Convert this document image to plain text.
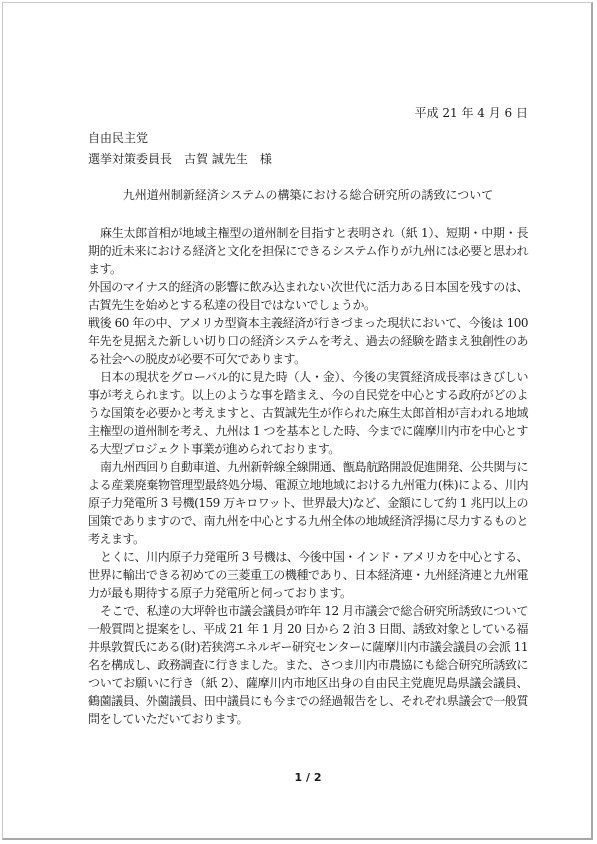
平成 21 年 4 月 6 日
自由民主党
選挙対策委員長　古賀 誠先生　様
九州道州制新経済システムの構築における総合研究所の誘致について

麻生太郎首相が地域主権型の道州制を目指すと表明され（紙 1）、短期・中期・長期的近未来における経済と文化を担保にできるシステム作りが九州には必要と思われます。

外国のマイナス的経済の影響に飲み込まれない次世代に活力ある日本国を残すのは、古賀先生を始めとする私達の役目ではないでしょうか。

戦後 60 年の中、アメリカ型資本主義経済が行きづまった現状において、今後は 100 年先を見据えた新しい切り口の経済システムを考え、過去の経験を踏まえ独創性のある社会への脱皮が必要不可欠であります。

日本の現状をグローバル的に見た時（人・金）、今後の実質経済成長率はきびしい事が考えられます。以上のような事を踏まえ、今の自民党を中心とする政府がどのような国策を必要かと考えますと、古賀誠先生が作られた麻生太郎首相が言われる地域主権型の道州制を考え、九州は 1 つを基本とした時、今までに薩摩川内市を中心とする大型プロジェクト事業が進められております。

南九州西回り自動車道、九州新幹線全線開通、甑島航路開設促進開発、公共関与による産業廃棄物管理型最終処分場、電源立地地域における九州電力(株)による、川内原子力発電所 3 号機(159 万キロワット、世界最大)など、金額にして約 1 兆円以上の国策でありますので、南九州を中心とする九州全体の地域経済浮揚に尽力するものと考えます。

とくに、川内原子力発電所 3 号機は、今後中国・インド・アメリカを中心とする、世界に輸出できる初めての三菱重工の機種であり、日本経済連・九州経済連と九州電力が最も期待する原子力発電所と伺っております。

そこで、私達の大坪幹也市議会議員が昨年 12 月市議会で総合研究所誘致について一般質問と提案をし、平成 21 年 1 月 20 日から 2 泊 3 日間、誘致対象としている福井県敦賀氏にある(財)若狭湾エネルギー研究センターに薩摩川内市議会議員の会派 11 名を構成し、政務調査に行きました。また、さつま川内市農協にも総合研究所誘致についてお願いに行き（紙 2）、薩摩川内市地区出身の自由民主党鹿児島県議会議員、鶴薗議員、外薗議員、田中議員にも今までの経過報告をし、それぞれ県議会で一般質問をしていただいております。

1 / 2
